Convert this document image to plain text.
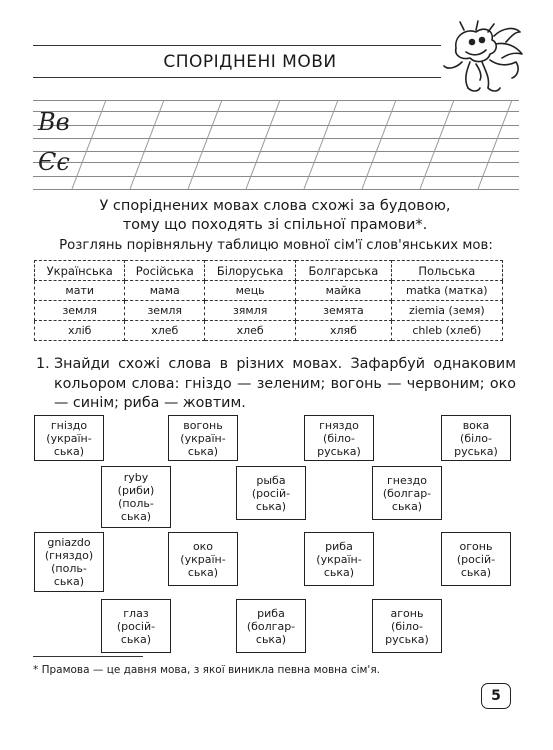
СПОРІДНЕНІ МОВИ
Вв
Єє
У споріднених мовах слова схожі за будовою,
тому що походять зі спільної прамови*.
Розглянь порівняльну таблицю мовної сім'ї слов'янських мов:
Українська	Російська	Білоруська	Болгарська	Польська
мати	мама	мець	майка	matka (матка)
земля	земля	зямля	земята	ziemia (земя)
хліб	хлеб	хлеб	хляб	chleb (хлеб)
1. Знайди схожі слова в різних мовах. Зафарбуй однаковим кольором слова: гніздо — зеленим; вогонь — червоним; око — синім; риба — жовтим.
гніздо
(україн-
ська)
вогонь
(україн-
ська)
гняздо
(біло-
руська)
вока
(біло-
руська)
ryby
(риби)
(поль-
ська)
рыба
(росій-
ська)
гнездо
(болгар-
ська)
gniazdo
(гняздо)
(поль-
ська)
око
(україн-
ська)
риба
(україн-
ська)
огонь
(росій-
ська)
глаз
(росій-
ська)
риба
(болгар-
ська)
агонь
(біло-
руська)
* Прамова — це давня мова, з якої виникла певна мовна сім'я.
5
